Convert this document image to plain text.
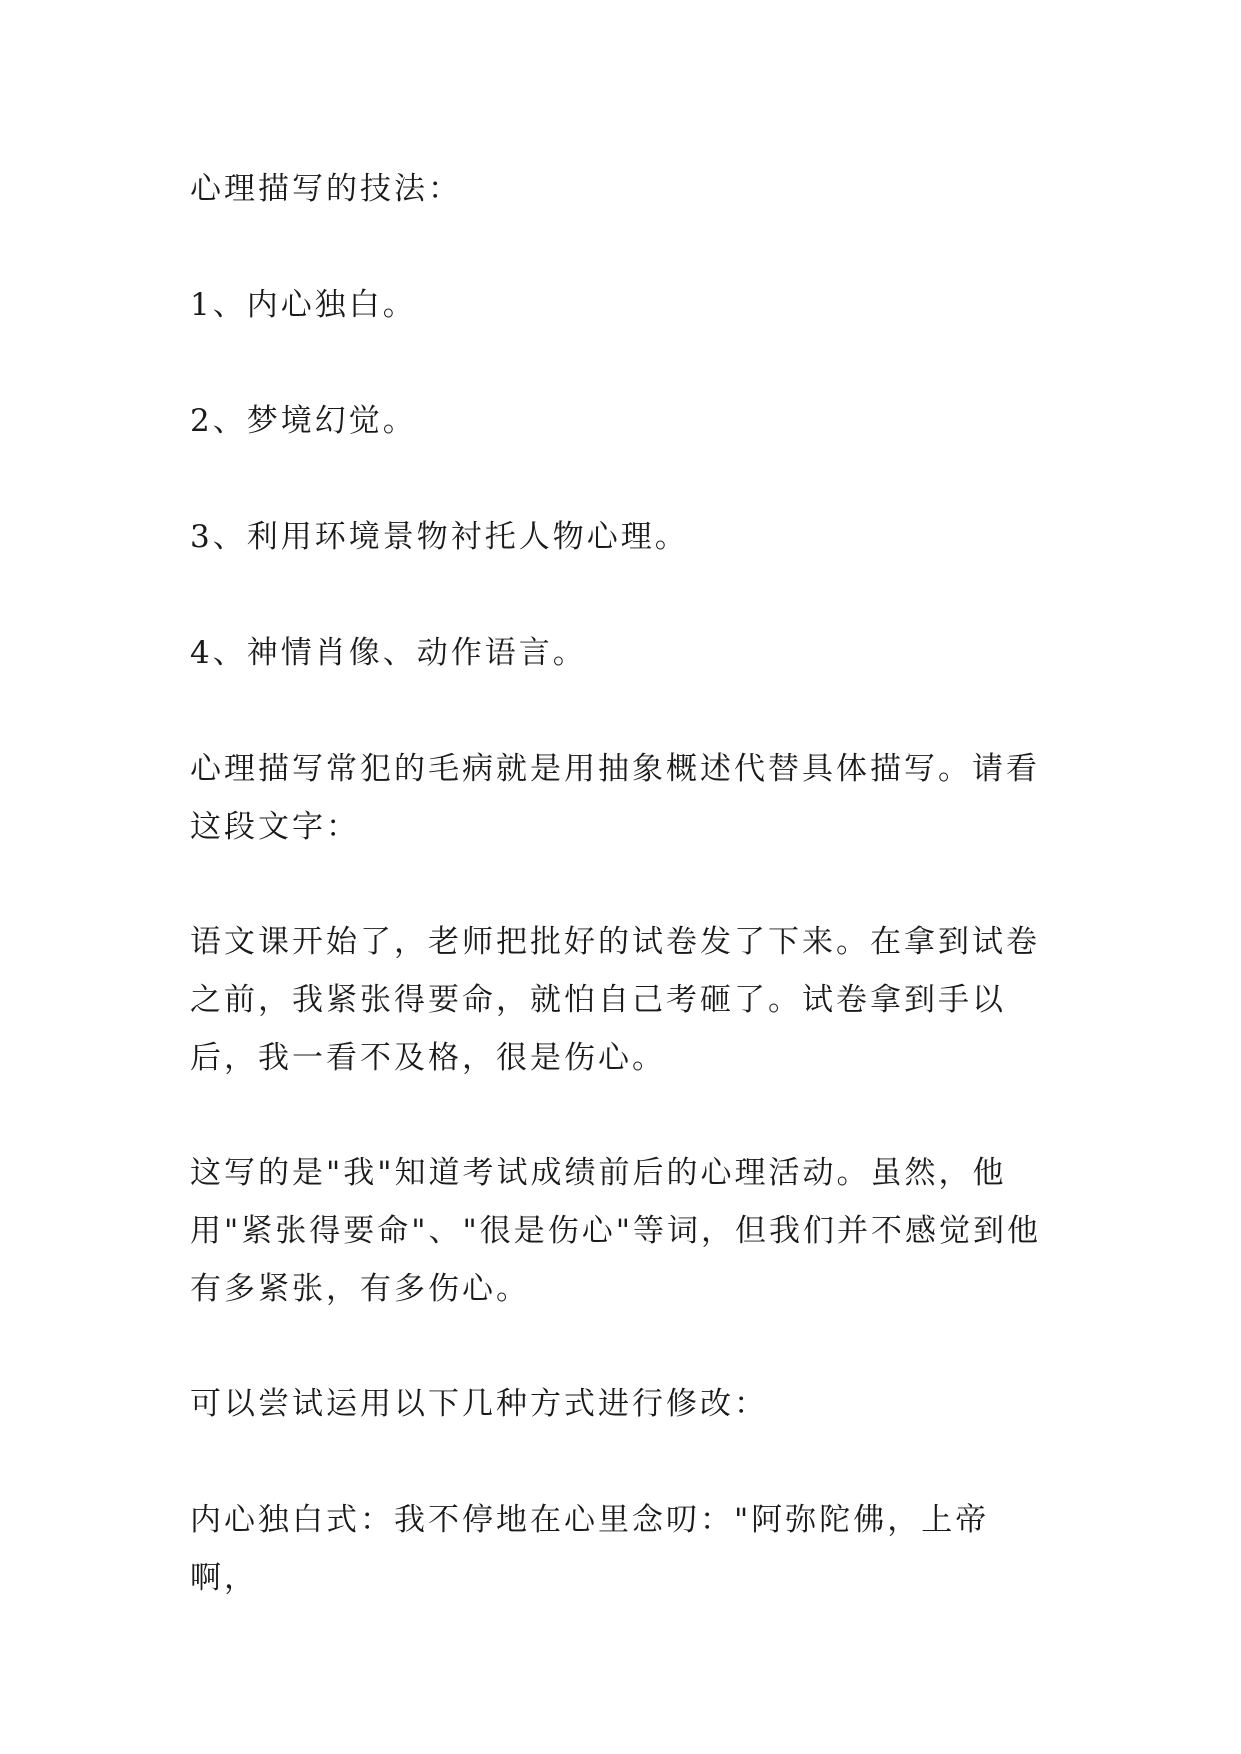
心理描写的技法：

1、内心独白。

2、梦境幻觉。

3、利用环境景物衬托人物心理。

4、神情肖像、动作语言。

心理描写常犯的毛病就是用抽象概述代替具体描写。请看这段文字：

语文课开始了，老师把批好的试卷发了下来。在拿到试卷之前，我紧张得要命，就怕自己考砸了。试卷拿到手以后，我一看不及格，很是伤心。

这写的是"我"知道考试成绩前后的心理活动。虽然，他用"紧张得要命"、"很是伤心"等词，但我们并不感觉到他有多紧张，有多伤心。

可以尝试运用以下几种方式进行修改：

内心独白式：我不停地在心里念叨："阿弥陀佛，上帝啊，
